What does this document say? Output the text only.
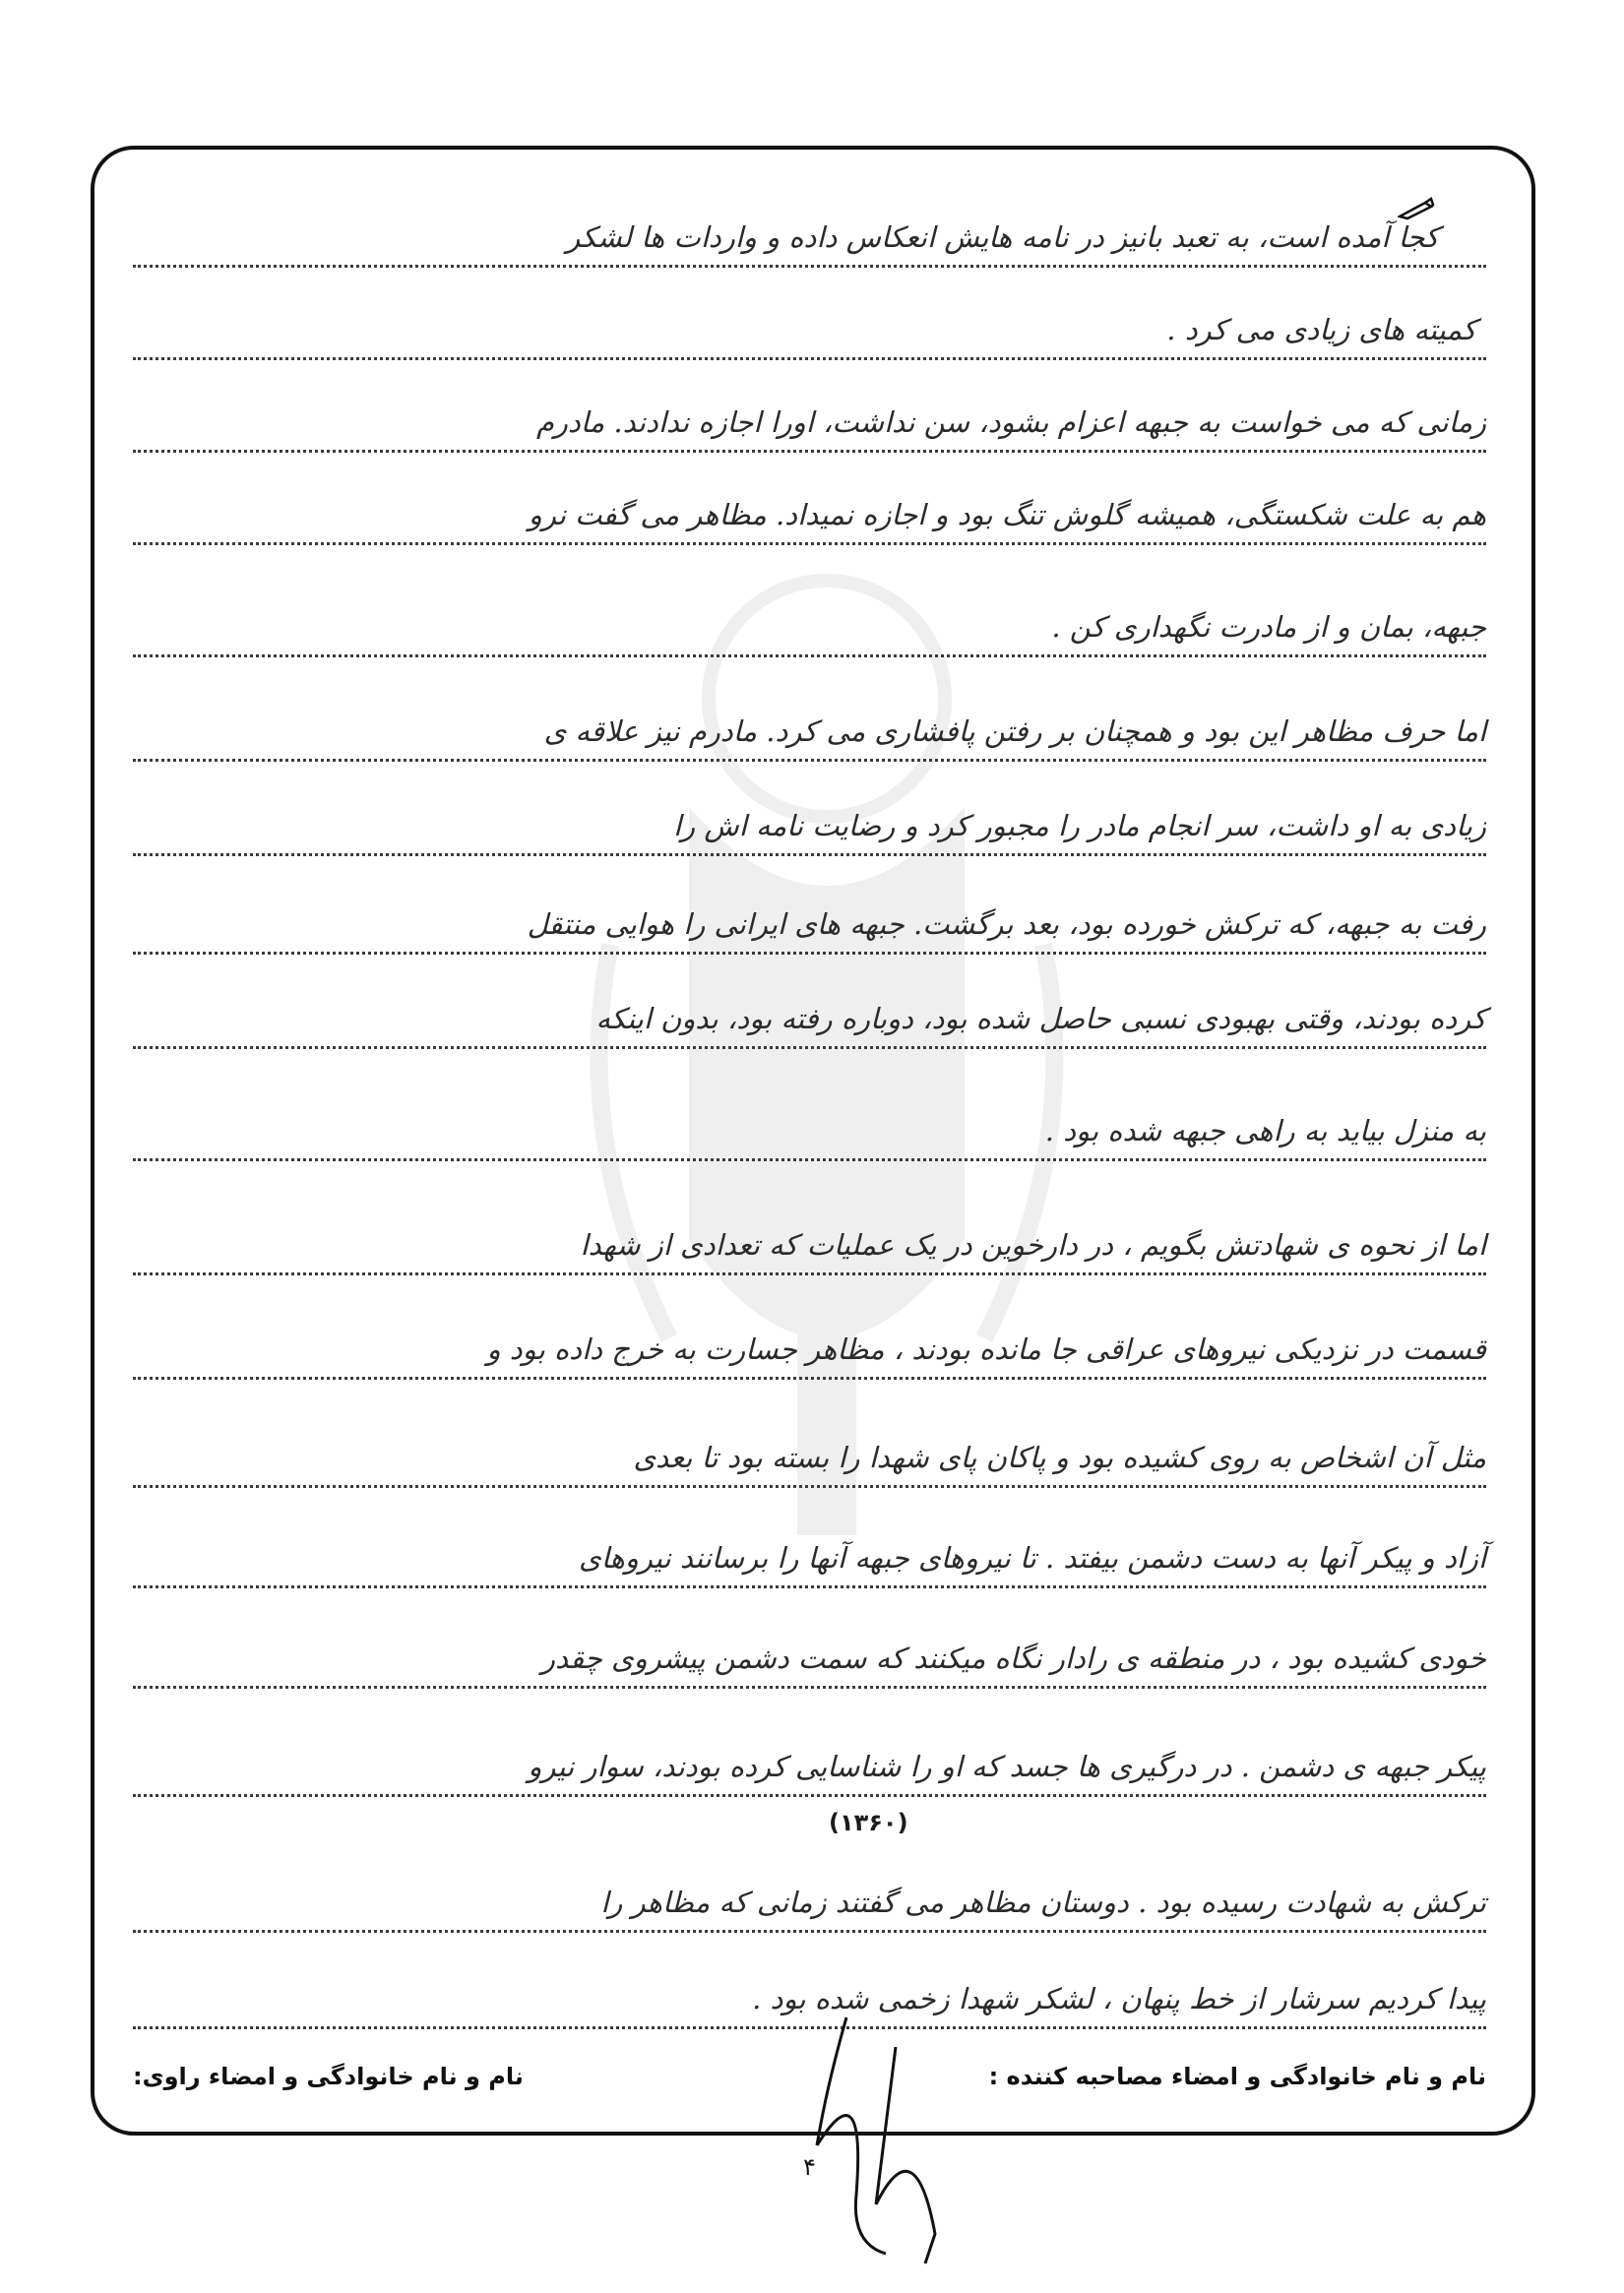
کجا آمده است، به تعبد بانیز در نامه هایش انعکاس داده و واردات ها لشکر
کمیته هاى زیادی می کرد .
زمانی که می خواست به جبهه اعزام بشود، سن نداشت، اورا اجازه ندادند. مادرم
هم به علت شکستگی، همیشه گلوش تنگ بود و اجازه نمیداد. مظاهر می گفت نرو
جبهه، بمان و از مادرت نگهداری کن .
اما حرف مظاهر این بود و همچنان بر رفتن پافشاری می کرد. مادرم نیز علاقه ی
زیادی به او داشت، سر انجام مادر را مجبور کرد و رضایت نامه اش را
رفت به جبهه، که ترکش خورده بود، بعد برگشت. جبهه های ایرانی را هوایی منتقل
کرده بودند، وقتی بهبودی نسبی حاصل شده بود، دوباره رفته بود، بدون اینکه
به منزل بیاید به راهی جبهه شده بود .
اما از نحوه ی شهادتش بگویم ، در دارخوین در یک عملیات که تعدادی از شهدا
قسمت در نزدیکی نیروهای عراقی جا مانده بودند ، مظاهر جسارت به خرج داده بود و
مثل آن اشخاص به روی کشیده بود و پاکان پای شهدا را بسته بود تا بعدی
آزاد و پیکر آنها به دست دشمن بیفتد . تا نیروهای جبهه آنها را برسانند نیروهای
خودی کشیده بود ، در منطقه ی رادار نگاه میکنند که سمت دشمن پیشروی چقدر
پیکر جبهه ی دشمن . در درگیری ها جسد که او را شناسایی کرده بودند، سوار نیرو
ترکش به شهادت رسیده بود . دوستان مظاهر می گفتند زمانی که مظاهر را
پیدا کردیم سرشار از خط پنهان ، لشکر شهدا زخمی شده بود .
(۱۳۶۰)
نام و نام خانوادگی و امضاء مصاحبه کننده :
نام و نام خانوادگی و امضاء راوی:
۴
